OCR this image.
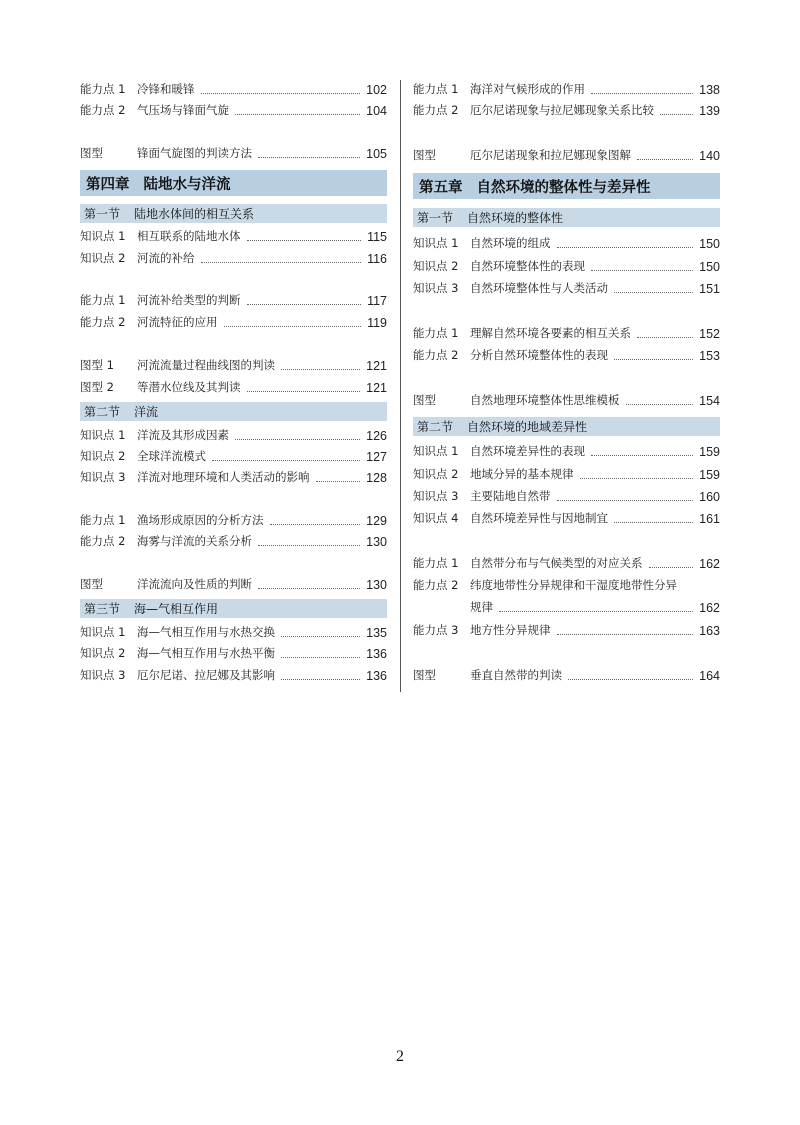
能力点 1	冷锋和暖锋	102
能力点 2	气压场与锋面气旋	104
图型	锋面气旋图的判读方法	105
第四章 陆地水与洋流
第一节 陆地水体间的相互关系
知识点 1	相互联系的陆地水体	115
知识点 2	河流的补给	116
能力点 1	河流补给类型的判断	117
能力点 2	河流特征的应用	119
图型 1	河流流量过程曲线图的判读	121
图型 2	等潜水位线及其判读	121
第二节 洋流
知识点 1	洋流及其形成因素	126
知识点 2	全球洋流模式	127
知识点 3	洋流对地理环境和人类活动的影响	128
能力点 1	渔场形成原因的分析方法	129
能力点 2	海雾与洋流的关系分析	130
图型	洋流流向及性质的判断	130
第三节 海—气相互作用
知识点 1	海—气相互作用与水热交换	135
知识点 2	海—气相互作用与水热平衡	136
知识点 3	厄尔尼诺、拉尼娜及其影响	136
能力点 1	海洋对气候形成的作用	138
能力点 2	厄尔尼诺现象与拉尼娜现象关系比较	139
图型	厄尔尼诺现象和拉尼娜现象图解	140
第五章 自然环境的整体性与差异性
第一节 自然环境的整体性
知识点 1	自然环境的组成	150
知识点 2	自然环境整体性的表现	150
知识点 3	自然环境整体性与人类活动	151
能力点 1	理解自然环境各要素的相互关系	152
能力点 2	分析自然环境整体性的表现	153
图型	自然地理环境整体性思维模板	154
第二节 自然环境的地域差异性
知识点 1	自然环境差异性的表现	159
知识点 2	地域分异的基本规律	159
知识点 3	主要陆地自然带	160
知识点 4	自然环境差异性与因地制宜	161
能力点 1	自然带分布与气候类型的对应关系	162
能力点 2	纬度地带性分异规律和干湿度地带性分异
规律	162
能力点 3	地方性分异规律	163
图型	垂直自然带的判读	164
2
